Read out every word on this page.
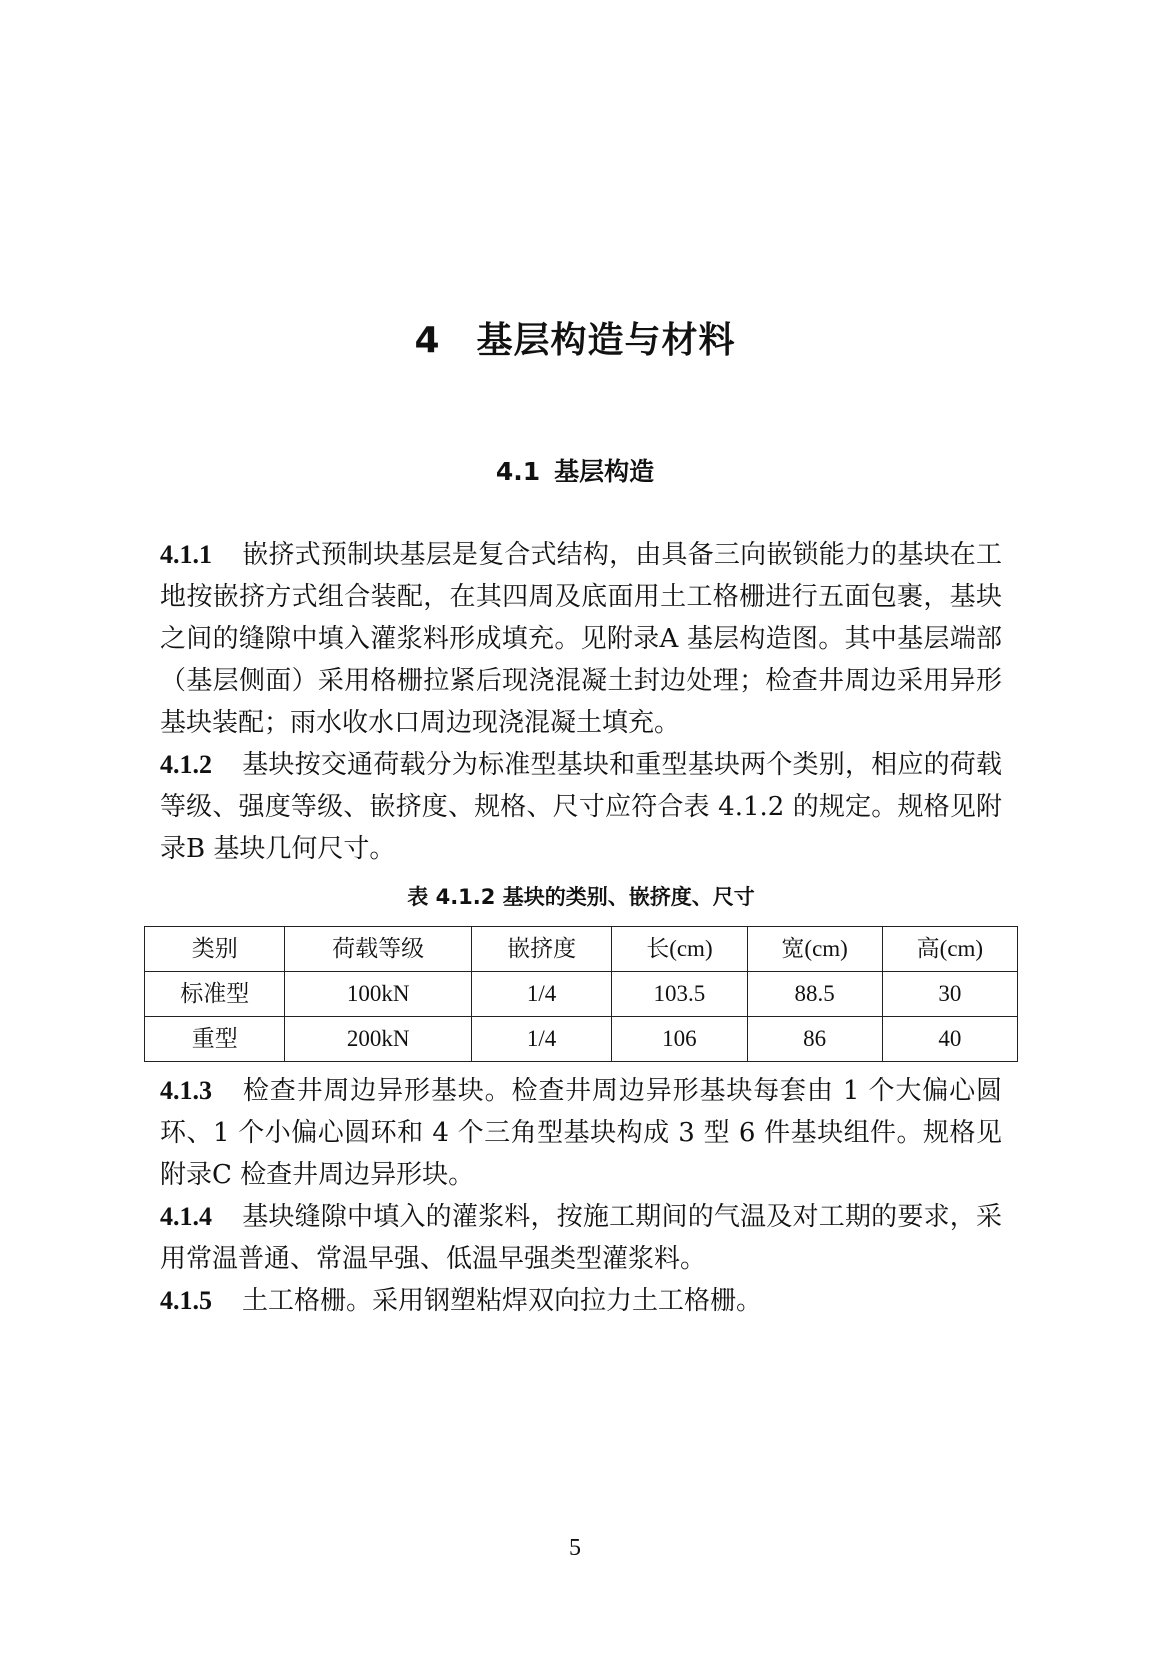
4 基层构造与材料
4.1 基层构造

4.1.1 嵌挤式预制块基层是复合式结构，由具备三向嵌锁能力的基块在工地按嵌挤方式组合装配，在其四周及底面用土工格栅进行五面包裹，基块之间的缝隙中填入灌浆料形成填充。见附录A 基层构造图。其中基层端部（基层侧面）采用格栅拉紧后现浇混凝土封边处理；检查井周边采用异形基块装配；雨水收水口周边现浇混凝土填充。

4.1.2 基块按交通荷载分为标准型基块和重型基块两个类别，相应的荷载等级、强度等级、嵌挤度、规格、尺寸应符合表 4.1.2 的规定。规格见附录B 基块几何尺寸。

表 4.1.2 基块的类别、嵌挤度、尺寸
类别	荷载等级	嵌挤度	长(cm)	宽(cm)	高(cm)
标准型	100kN	1/4	103.5	88.5	30
重型	200kN	1/4	106	86	40

4.1.3 检查井周边异形基块。检查井周边异形基块每套由 1 个大偏心圆环、1 个小偏心圆环和 4 个三角型基块构成 3 型 6 件基块组件。规格见附录C 检查井周边异形块。

4.1.4 基块缝隙中填入的灌浆料，按施工期间的气温及对工期的要求，采用常温普通、常温早强、低温早强类型灌浆料。

4.1.5 土工格栅。采用钢塑粘焊双向拉力土工格栅。

5
